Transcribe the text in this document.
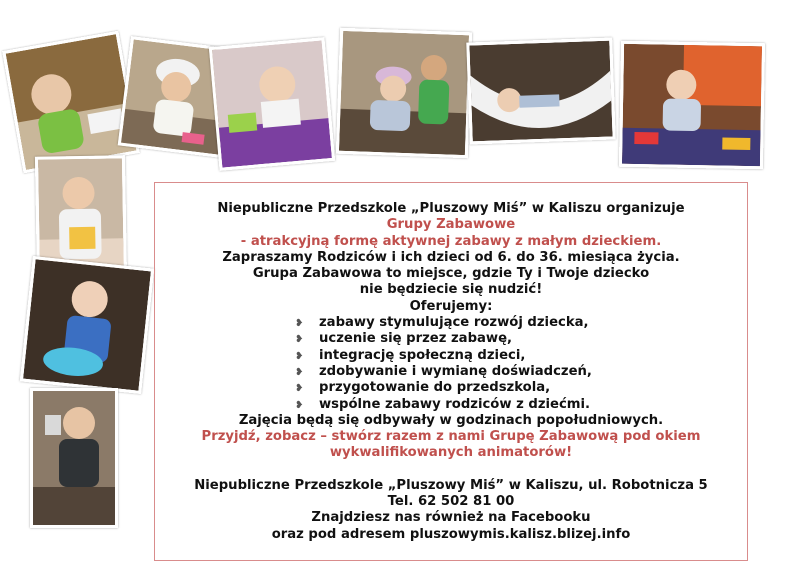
Niepubliczne Przedszkole „Pluszowy Miś” w Kaliszu organizuje
Grupy Zabawowe
- atrakcyjną formę aktywnej zabawy z małym dzieckiem.
Zapraszamy Rodziców i ich dzieci od 6. do 36. miesiąca życia.
Grupa Zabawowa to miejsce, gdzie Ty i Twoje dziecko
nie będziecie się nudzić!
Oferujemy:
❥ zabawy stymulujące rozwój dziecka,
❥ uczenie się przez zabawę,
❥ integrację społeczną dzieci,
❥ zdobywanie i wymianę doświadczeń,
❥ przygotowanie do przedszkola,
❥ wspólne zabawy rodziców z dziećmi.
Zajęcia będą się odbywały w godzinach popołudniowych.
Przyjdź, zobacz – stwórz razem z nami Grupę Zabawową pod okiem
wykwalifikowanych animatorów!
Niepubliczne Przedszkole „Pluszowy Miś” w Kaliszu, ul. Robotnicza 5
Tel. 62 502 81 00
Znajdziesz nas również na Facebooku
oraz pod adresem pluszowymis.kalisz.blizej.info
